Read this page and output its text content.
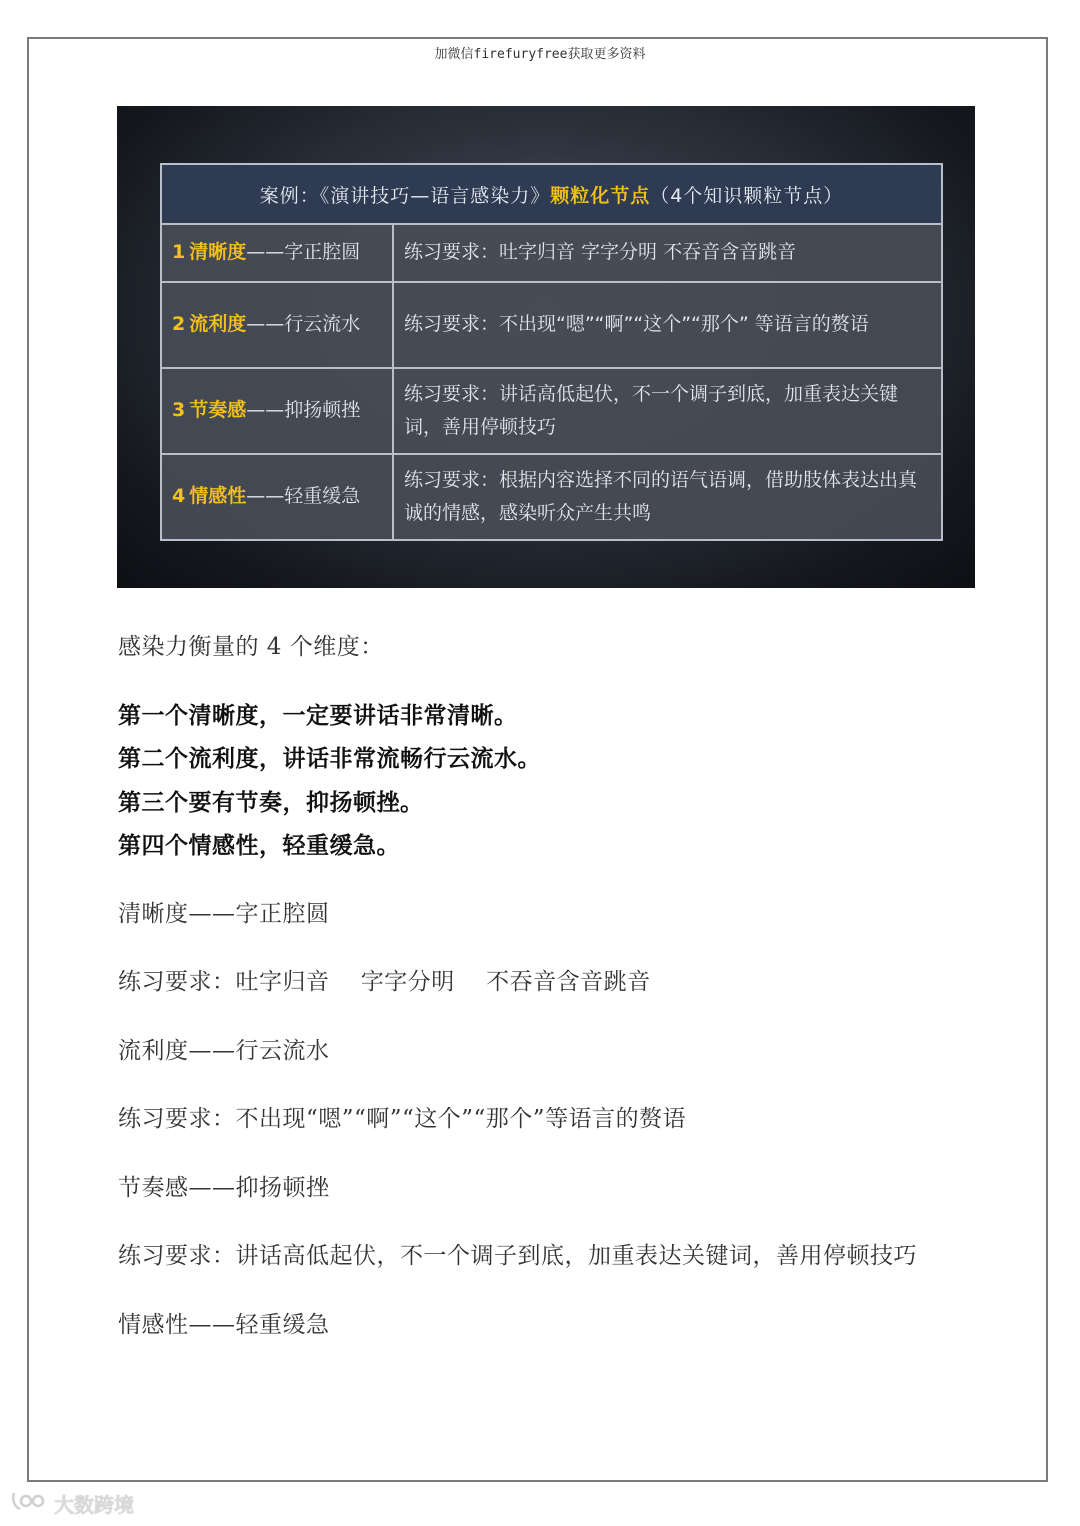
加微信firefuryfree获取更多资料
案例：《演讲技巧—语言感染力》颗粒化节点（4个知识颗粒节点）	
1 清晰度——字正腔圆	练习要求：吐字归音 字字分明 不吞音含音跳音
2 流利度——行云流水	练习要求：不出现“嗯”“啊”“这个”“那个” 等语言的赘语
3 节奏感——抑扬顿挫	练习要求：讲话高低起伏，不一个调子到底，加重表达关键词，善用停顿技巧
4 情感性——轻重缓急	练习要求：根据内容选择不同的语气语调，借助肢体表达出真诚的情感，感染听众产生共鸣
感染力衡量的 4 个维度：
第一个清晰度，一定要讲话非常清晰。
第二个流利度，讲话非常流畅行云流水。
第三个要有节奏，抑扬顿挫。
第四个情感性，轻重缓急。
清晰度——字正腔圆
练习要求：吐字归音　 字字分明　 不吞音含音跳音
流利度——行云流水
练习要求：不出现“嗯”“啊”“这个”“那个”等语言的赘语
节奏感——抑扬顿挫
练习要求：讲话高低起伏，不一个调子到底，加重表达关键词，善用停顿技巧
情感性——轻重缓急
大数跨境
